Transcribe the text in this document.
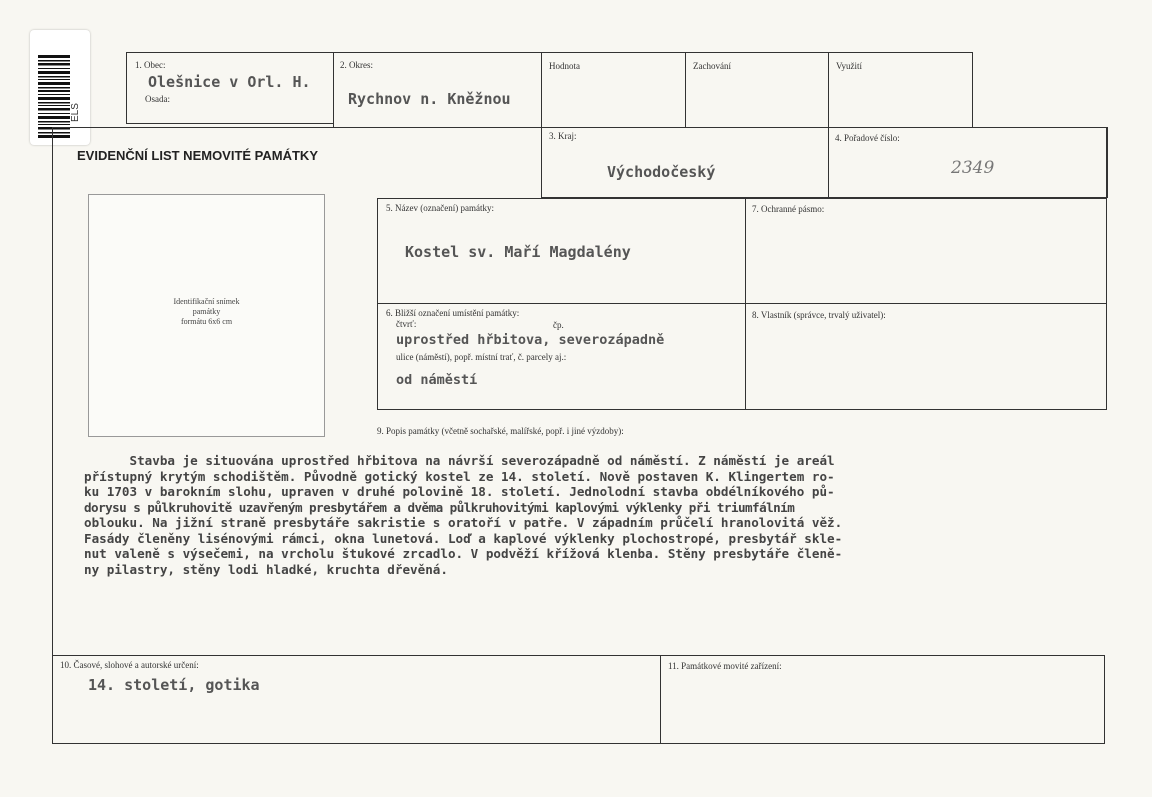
ELS
EVIDENČNÍ LIST NEMOVITÉ PAMÁTKY
Identifikační snímek
památky
formátu 6x6 cm
1. Obec:
Olešnice v Orl. H.
Osada:
2. Okres:
Rychnov n. Kněžnou
Hodnota	Zachování	Využití
3. Kraj:
Východočeský
4. Pořadové číslo:
2349
5. Název (označení) památky:
Kostel sv. Maří Magdalény
7. Ochranné pásmo:
6. Bližší označení umístění památky:
čtvrť:	čp.
uprostřed hřbitova, severozápadně
ulice (náměstí), popř. místní trať, č. parcely aj.:
od náměstí
8. Vlastník (správce, trvalý uživatel):
9. Popis památky (včetně sochařské, malířské, popř. i jiné výzdoby):
Stavba je situována uprostřed hřbitova na návrší severozápadně od náměstí. Z náměstí je areál
přístupný krytým schodištěm. Původně gotický kostel ze 14. století. Nově postaven K. Klingertem ro-
ku 1703 v barokním slohu, upraven v druhé polovině 18. století. Jednolodní stavba obdélníkového pů-
dorysu s půlkruhovitě uzavřeným presbytářem a dvěma půlkruhovitými kaplovými výklenky při triumfálním
oblouku. Na jižní straně presbytáře sakristie s oratoří v patře. V západním průčelí hranolovitá věž.
Fasády členěny lisénovými rámci, okna lunetová. Loď a kaplové výklenky plochostropé, presbytář skle-
nut valeně s výsečemi, na vrcholu štukové zrcadlo. V podvěží křížová klenba. Stěny presbytáře členě-
ny pilastry, stěny lodi hladké, kruchta dřevěná.
10. Časové, slohové a autorské určení:
14. století, gotika
11. Památkové movité zařízení:
